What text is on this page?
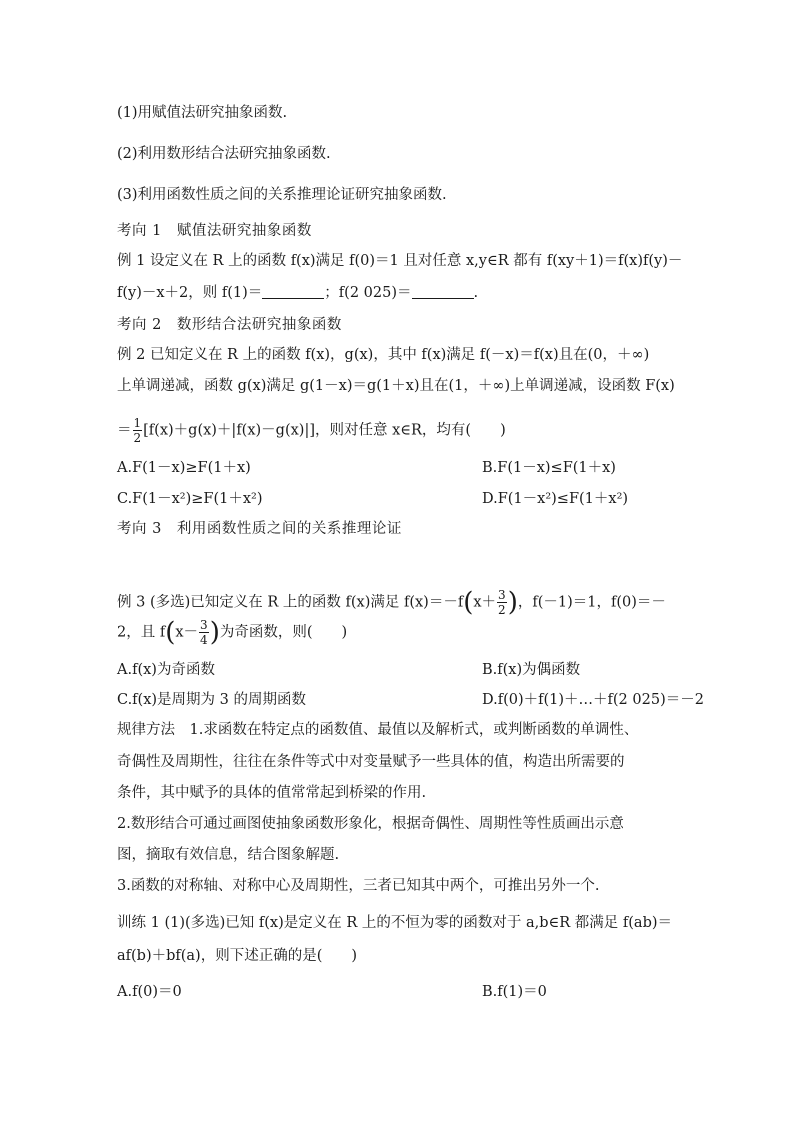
(1)用赋值法研究抽象函数.
(2)利用数形结合法研究抽象函数.
(3)利用函数性质之间的关系推理论证研究抽象函数.
考向 1　赋值法研究抽象函数
例 1 设定义在 R 上的函数 f(x)满足 f(0)＝1 且对任意 x,y∈R 都有 f(xy＋1)＝f(x)f(y)－
f(y)－x＋2，则 f(1)＝	；f(2 025)＝	.
考向 2　数形结合法研究抽象函数
例 2 已知定义在 R 上的函数 f(x)，g(x)，其中 f(x)满足 f(－x)＝f(x)且在(0，＋∞)
上单调递减，函数 g(x)满足 g(1－x)＝g(1＋x)且在(1，＋∞)上单调递减，设函数 F(x)
＝ $\frac{1}{2} [f(x)+g(x)+|f(x)-g(x)|]$，则对任意 x∈R，均有(　　)
A.F(1－x)≥F(1＋x)	B.F(1－x)≤F(1＋x)
C.F(1－x²)≥F(1＋x²)	D.F(1－x²)≤F(1＋x²)
考向 3　利用函数性质之间的关系推理论证
例 3 (多选)已知定义在 R 上的函数 f(x)满足 $f(x)=-f(x+ \frac{3}{2}$ )，f(－1)＝1，f(0)＝－
2，且 $f(x- \frac{3}{4}$ )为奇函数，则(　　)
A.f(x)为奇函数	B.f(x)为偶函数
C.f(x)是周期为 3 的周期函数	D.f(0)＋f(1)＋…＋f(2 025)＝－2
规律方法　1.求函数在特定点的函数值、最值以及解析式，或判断函数的单调性、
奇偶性及周期性，往往在条件等式中对变量赋予一些具体的值，构造出所需要的
条件，其中赋予的具体的值常常起到桥梁的作用.
2.数形结合可通过画图使抽象函数形象化，根据奇偶性、周期性等性质画出示意
图，摘取有效信息，结合图象解题.
3.函数的对称轴、对称中心及周期性，三者已知其中两个，可推出另外一个.
训练 1 (1)(多选)已知 f(x)是定义在 R 上的不恒为零的函数对于 a,b∈R 都满足 f(ab)＝
af(b)＋bf(a)，则下述正确的是(　　)
A.f(0)＝0	B.f(1)＝0
